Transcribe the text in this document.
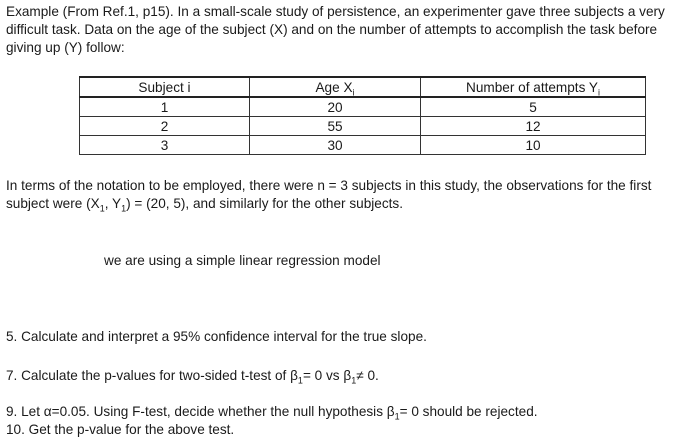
Example (From Ref.1, p15). In a small-scale study of persistence, an experimenter gave three subjects a very
difficult task. Data on the age of the subject (X) and on the number of attempts to accomplish the task before
giving up (Y) follow:

Subject i	Age $X_i$	Number of attempts $Y_i$
1	20	5
2	55	12
3	30	10
In terms of the notation to be employed, there were n = 3 subjects in this study, the observations for the first
subject were ($X_1$, $Y_1) = (20$, 5), and similarly for the other subjects.
we are using a simple linear regression model
5. Calculate and interpret a 95% confidence interval for the true slope.
7. Calculate the p-values for two-sided t-test of $\beta_1= 0$ vs $\beta_1\ne 0$.
9. Let α=0.05. Using F-test, decide whether the null hypothesis $\beta_1= 0$ should be rejected.
10. Get the p-value for the above test.
